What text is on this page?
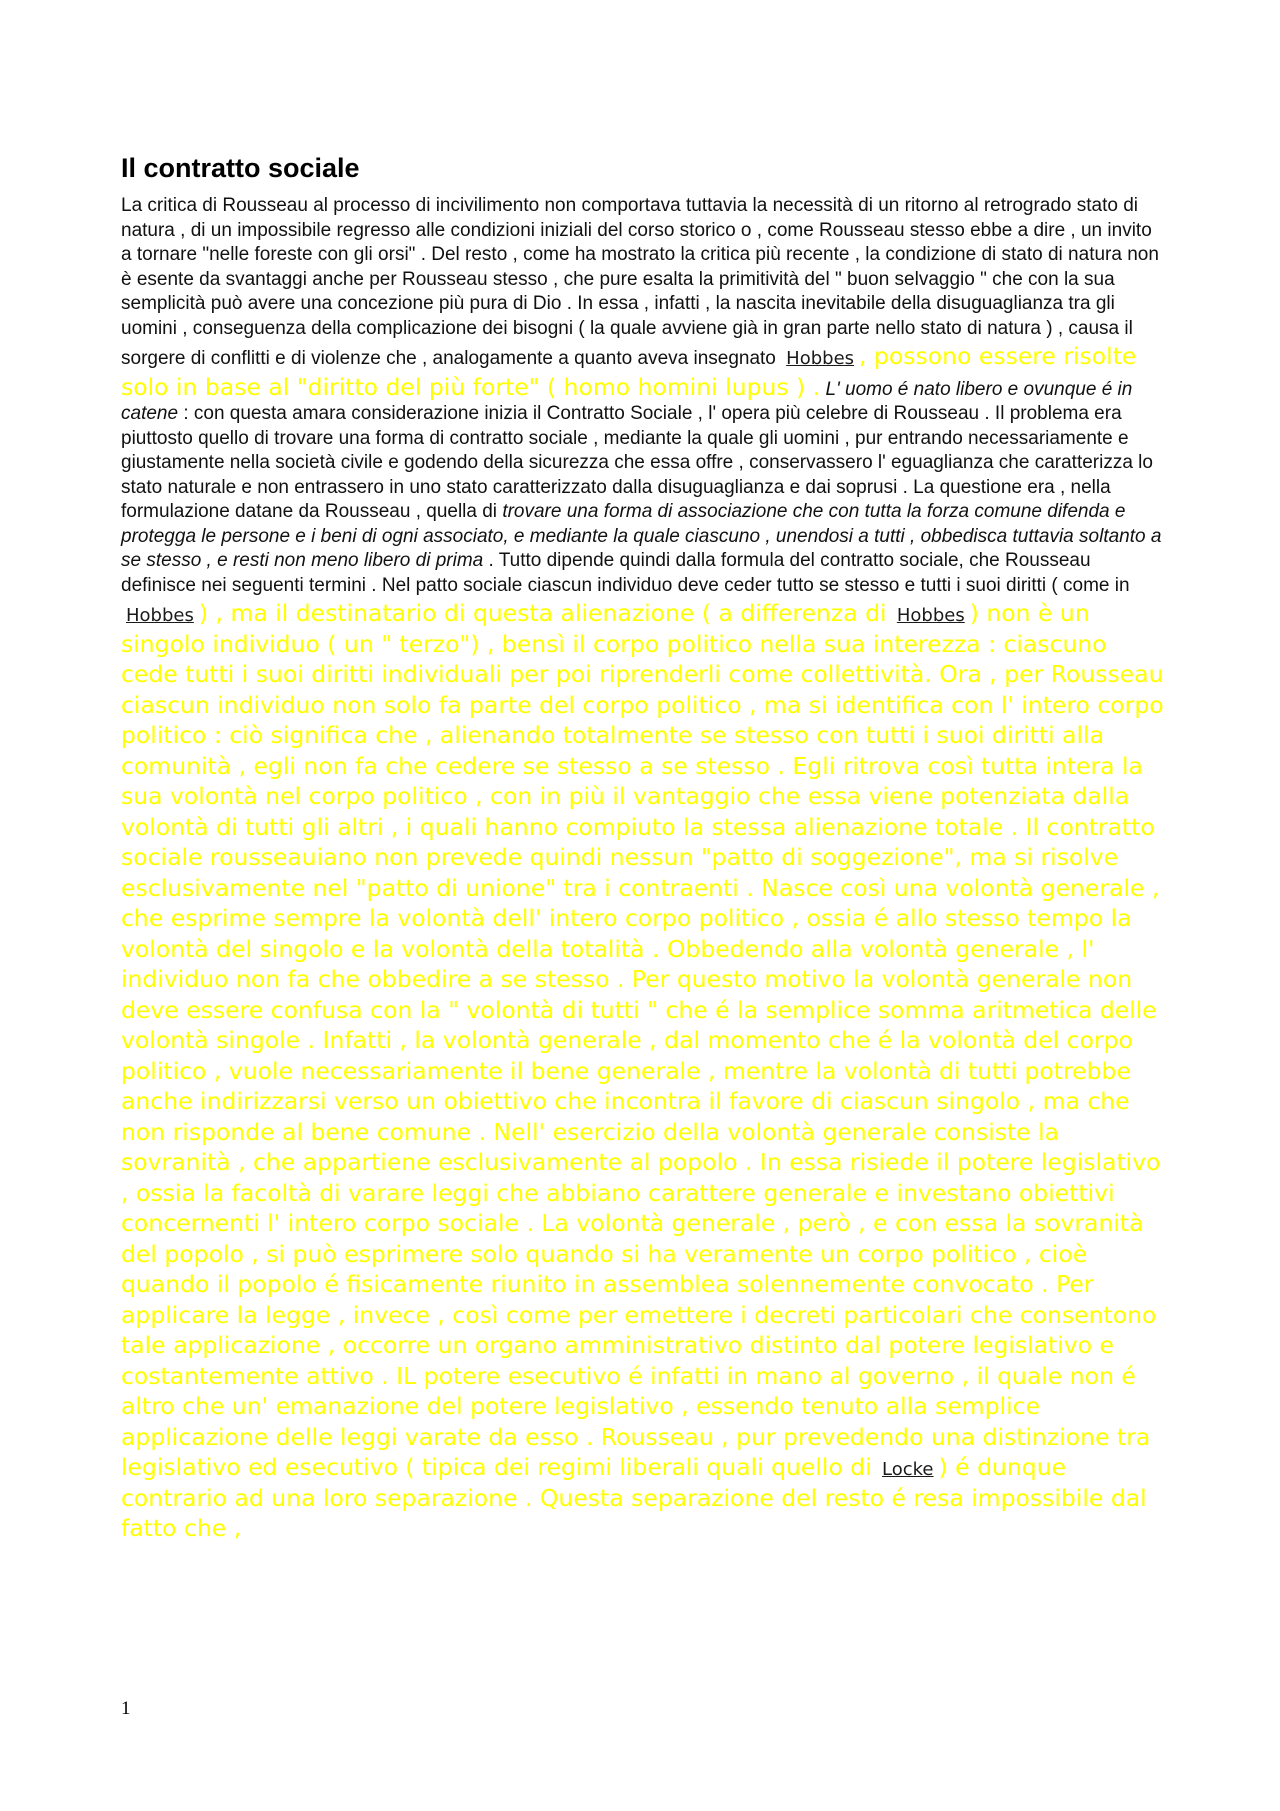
Il contratto sociale

La critica di Rousseau al processo di incivilimento non comportava tuttavia la necessità di un ritorno al retrogrado stato di natura , di un impossibile regresso alle condizioni iniziali del corso storico o , come Rousseau stesso ebbe a dire , un invito a tornare "nelle foreste con gli orsi" . Del resto , come ha mostrato la critica più recente , la condizione di stato di natura non è esente da svantaggi anche per Rousseau stesso , che pure esalta la primitività del " buon selvaggio " che con la sua semplicità può avere una concezione più pura di Dio . In essa , infatti , la nascita inevitabile della disuguaglianza tra gli uomini , conseguenza della complicazione dei bisogni ( la quale avviene già in gran parte nello stato di natura ) , causa il sorgere di conflitti e di violenze che , analogamente a quanto aveva insegnato Hobbes , possono essere risolte solo in base al "diritto del più forte" ( homo homini lupus ) . L' uomo é nato libero e ovunque é in catene : con questa amara considerazione inizia il Contratto Sociale , l' opera più celebre di Rousseau . Il problema era piuttosto quello di trovare una forma di contratto sociale , mediante la quale gli uomini , pur entrando necessariamente e giustamente nella società civile e godendo della sicurezza che essa offre , conservassero l' eguaglianza che caratterizza lo stato naturale e non entrassero in uno stato caratterizzato dalla disuguaglianza e dai soprusi . La questione era , nella formulazione datane da Rousseau , quella di trovare una forma di associazione che con tutta la forza comune difenda e protegga le persone e i beni di ogni associato, e mediante la quale ciascuno , unendosi a tutti , obbedisca tuttavia soltanto a se stesso , e resti non meno libero di prima . Tutto dipende quindi dalla formula del contratto sociale, che Rousseau definisce nei seguenti termini . Nel patto sociale ciascun individuo deve ceder tutto se stesso e tutti i suoi diritti ( come in Hobbes ) , ma il destinatario di questa alienazione ( a differenza di Hobbes ) non è un singolo individuo ( un " terzo") , bensì il corpo politico nella sua interezza : ciascuno cede tutti i suoi diritti individuali per poi riprenderli come collettività. Ora , per Rousseau ciascun individuo non solo fa parte del corpo politico , ma si identifica con l' intero corpo politico : ciò significa che , alienando totalmente se stesso con tutti i suoi diritti alla comunità , egli non fa che cedere se stesso a se stesso . Egli ritrova così tutta intera la sua volontà nel corpo politico , con in più il vantaggio che essa viene potenziata dalla volontà di tutti gli altri , i quali hanno compiuto la stessa alienazione totale . Il contratto sociale rousseauiano non prevede quindi nessun "patto di soggezione", ma si risolve esclusivamente nel "patto di unione" tra i contraenti . Nasce così una volontà generale , che esprime sempre la volontà dell' intero corpo politico , ossia é allo stesso tempo la volontà del singolo e la volontà della totalità . Obbedendo alla volontà generale , l' individuo non fa che obbedire a se stesso . Per questo motivo la volontà generale non deve essere confusa con la " volontà di tutti " che é la semplice somma aritmetica delle volontà singole . Infatti , la volontà generale , dal momento che é la volontà del corpo politico , vuole necessariamente il bene generale , mentre la volontà di tutti potrebbe anche indirizzarsi verso un obiettivo che incontra il favore di ciascun singolo , ma che non risponde al bene comune . Nell' esercizio della volontà generale consiste la sovranità , che appartiene esclusivamente al popolo . In essa risiede il potere legislativo , ossia la facoltà di varare leggi che abbiano carattere generale e investano obiettivi concernenti l' intero corpo sociale . La volontà generale , però , e con essa la sovranità del popolo , si può esprimere solo quando si ha veramente un corpo politico , cioè quando il popolo é fisicamente riunito in assemblea solennemente convocato . Per applicare la legge , invece , così come per emettere i decreti particolari che consentono tale applicazione , occorre un organo amministrativo distinto dal potere legislativo e costantemente attivo . IL potere esecutivo é infatti in mano al governo , il quale non é altro che un' emanazione del potere legislativo , essendo tenuto alla semplice applicazione delle leggi varate da esso . Rousseau , pur prevedendo una distinzione tra legislativo ed esecutivo ( tipica dei regimi liberali quali quello di Locke ) é dunque contrario ad una loro separazione . Questa separazione del resto é resa impossibile dal fatto che ,

1
